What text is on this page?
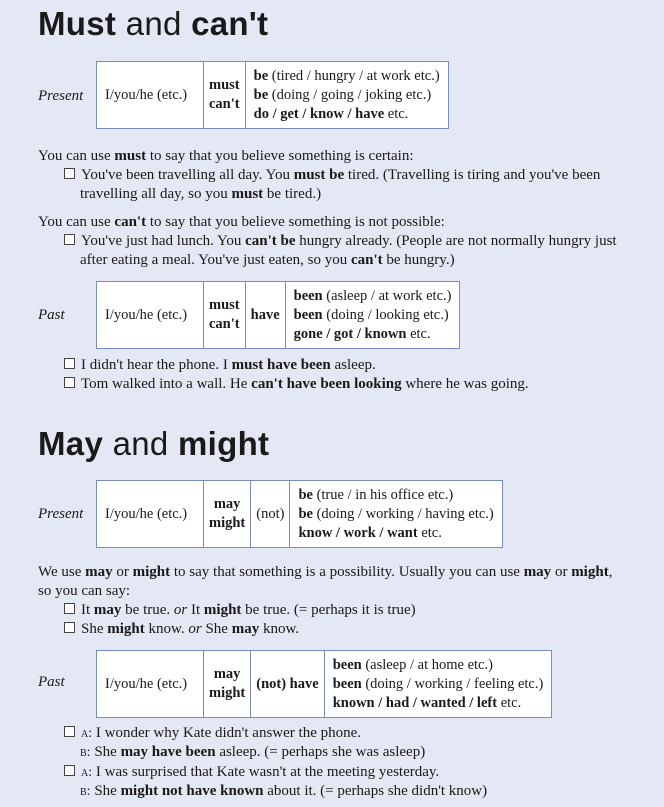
Must and can't
Present I/you/he (etc.)	must
can't	be (tired / hungry / at work etc.)
be (doing / going / joking etc.)
do / get / know / have etc.
You can use must to say that you believe something is certain:
You've been travelling all day. You must be tired. (Travelling is tiring and you've been
travelling all day, so you must be tired.)
You can use can't to say that you believe something is not possible:
You've just had lunch. You can't be hungry already. (People are not normally hungry just
after eating a meal. You've just eaten, so you can't be hungry.)
Past	I/you/he (etc.)	must
can't	have	been (asleep / at work etc.)
been (doing / looking etc.)
gone / got / known etc.
I didn't hear the phone. I must have been asleep.
Tom walked into a wall. He can't have been looking where he was going.
May and might
Present I/you/he (etc.)	may
might	(not)	be (true / in his office etc.)
be (doing / working / having etc.)
know / work / want etc.
We use may or might to say that something is a possibility. Usually you can use may or might,
so you can say:
It may be true. or It might be true. (= perhaps it is true)
She might know. or She may know.
Past	I/you/he (etc.)	may
might	(not) have	been (asleep / at home etc.)
been (doing / working / feeling etc.)
known / had / wanted / left etc.
a: I wonder why Kate didn't answer the phone.
b: She may have been asleep. (= perhaps she was asleep)
a: I was surprised that Kate wasn't at the meeting yesterday.
b: She might not have known about it. (= perhaps she didn't know)
